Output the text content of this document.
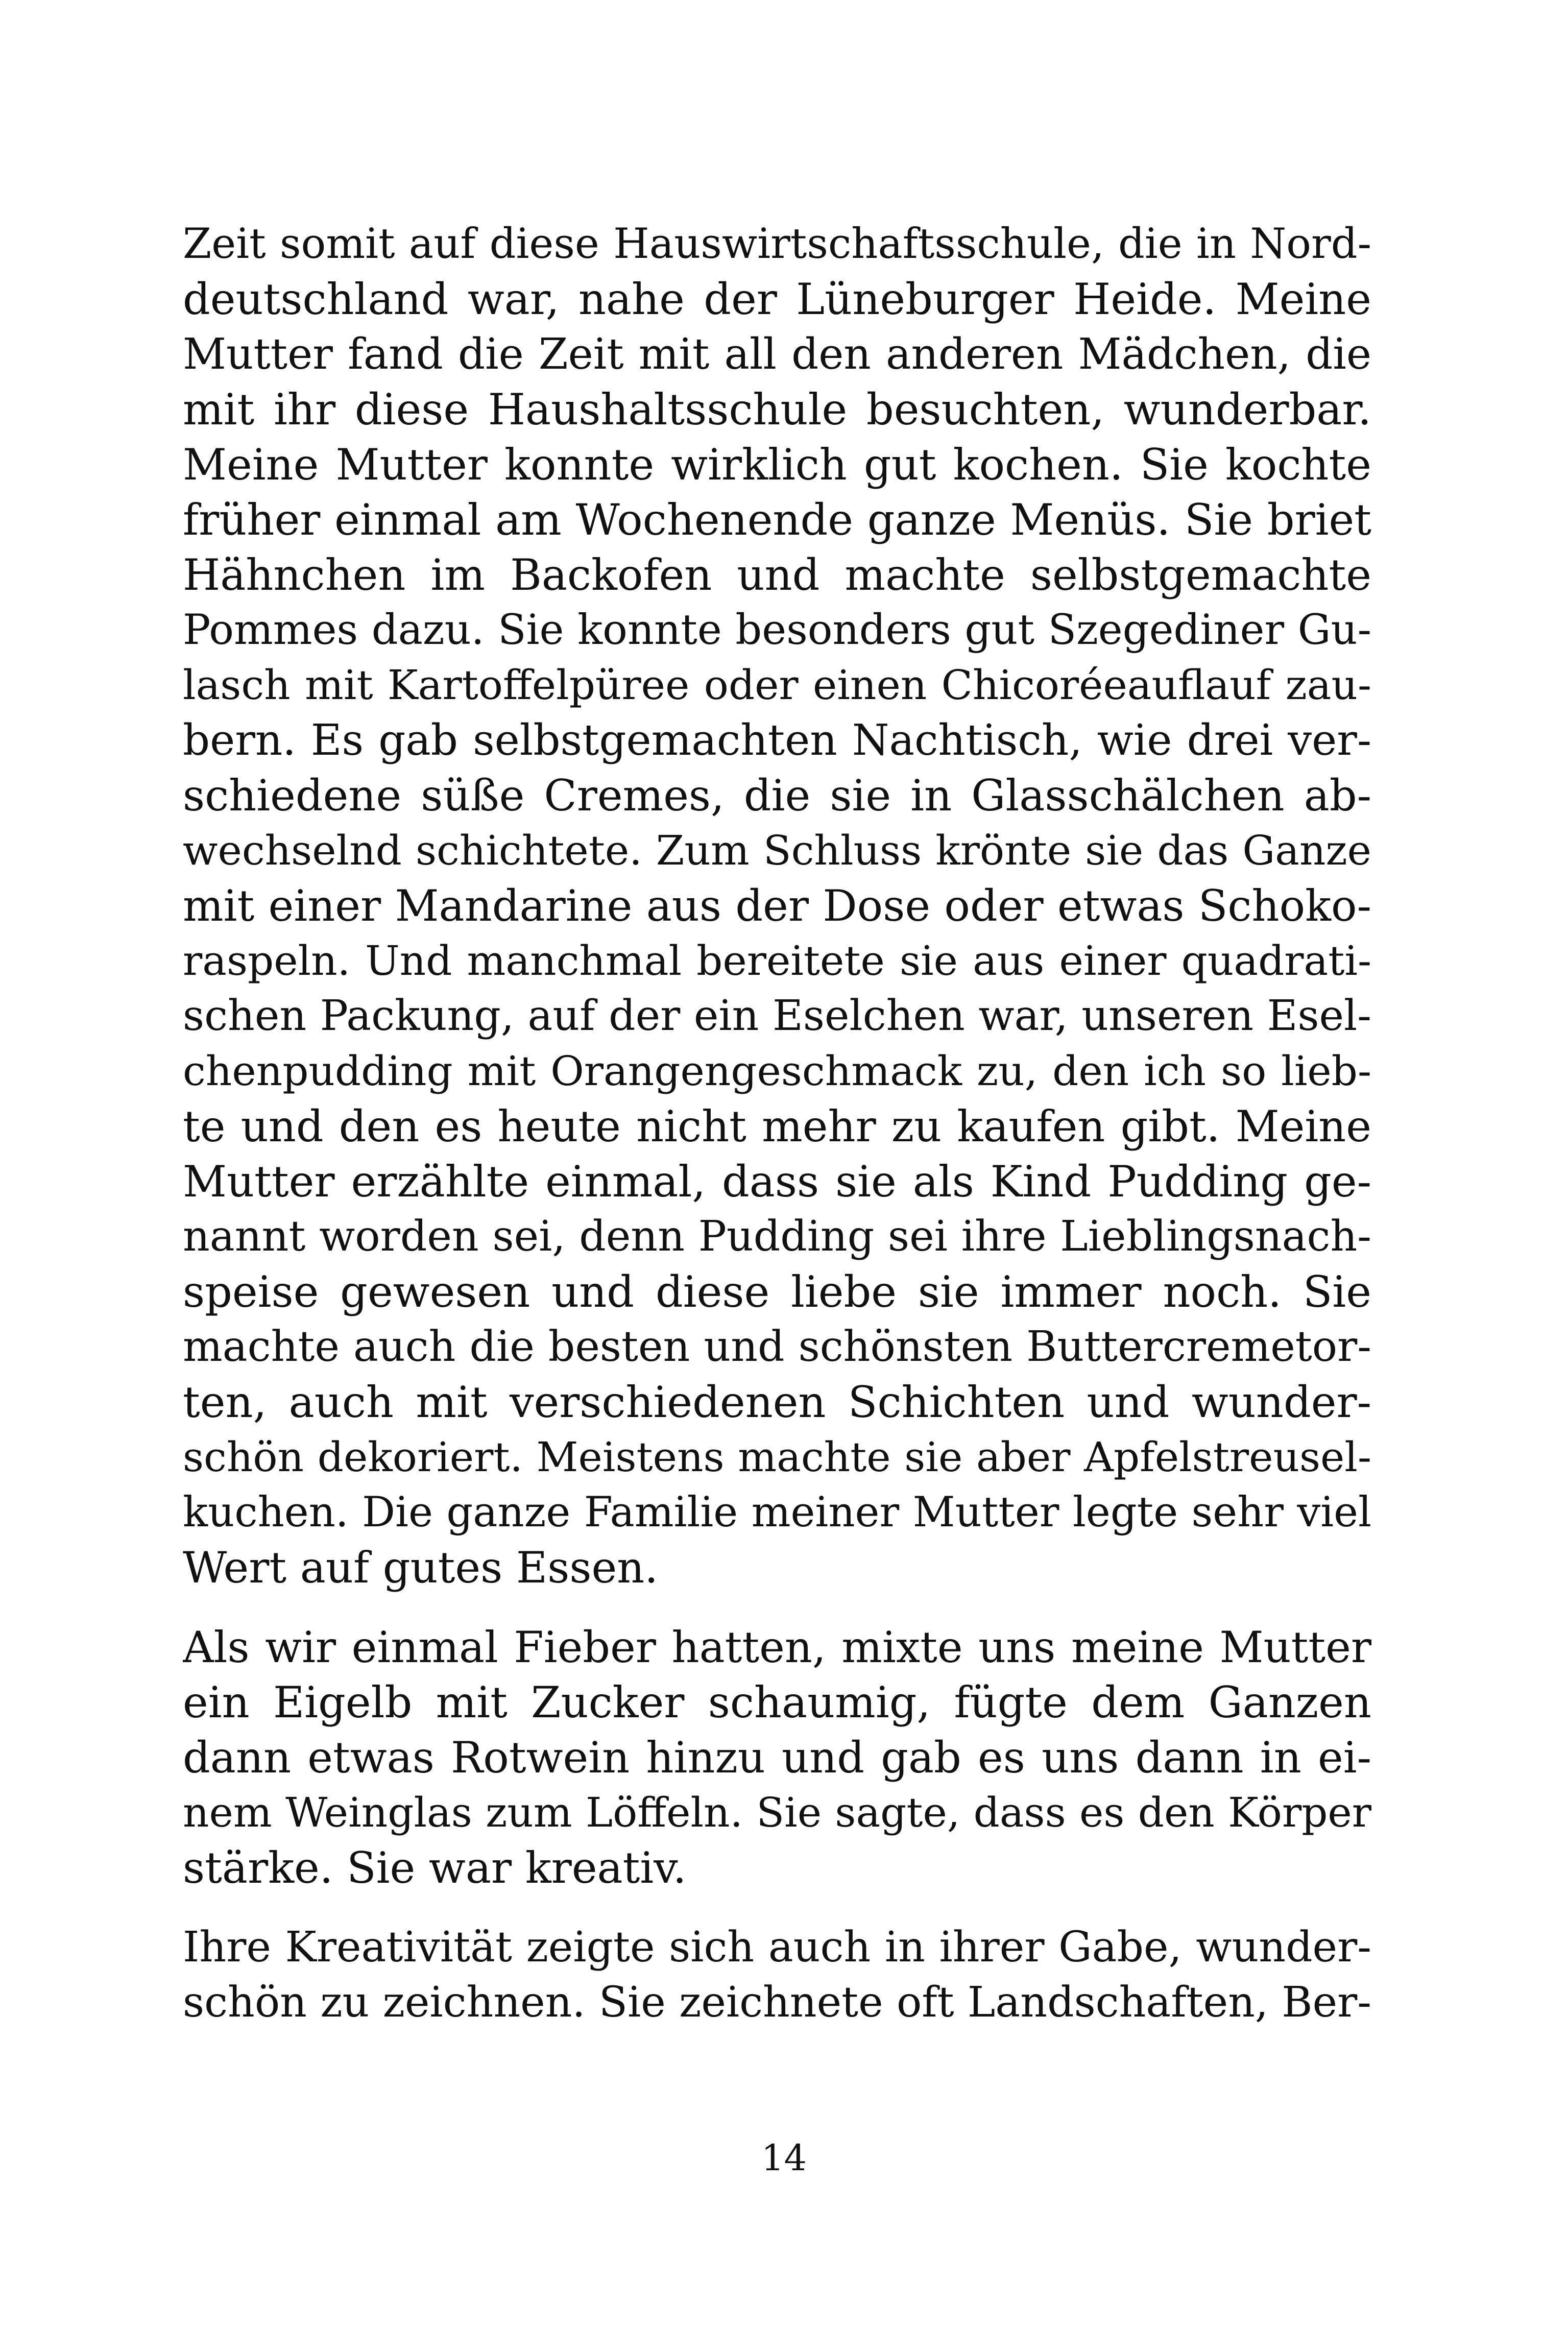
Zeit somit auf diese Hauswirtschaftsschule, die in Nord-
deutschland war, nahe der Lüneburger Heide. Meine
Mutter fand die Zeit mit all den anderen Mädchen, die
mit ihr diese Haushaltsschule besuchten, wunderbar.
Meine Mutter konnte wirklich gut kochen. Sie kochte
früher einmal am Wochenende ganze Menüs. Sie briet
Hähnchen im Backofen und machte selbstgemachte
Pommes dazu. Sie konnte besonders gut Szegediner Gu-
lasch mit Kartoffelpüree oder einen Chicoréeauflauf zau-
bern. Es gab selbstgemachten Nachtisch, wie drei ver-
schiedene süße Cremes, die sie in Glasschälchen ab-
wechselnd schichtete. Zum Schluss krönte sie das Ganze
mit einer Mandarine aus der Dose oder etwas Schoko-
raspeln. Und manchmal bereitete sie aus einer quadrati-
schen Packung, auf der ein Eselchen war, unseren Esel-
chenpudding mit Orangengeschmack zu, den ich so lieb-
te und den es heute nicht mehr zu kaufen gibt. Meine
Mutter erzählte einmal, dass sie als Kind Pudding ge-
nannt worden sei, denn Pudding sei ihre Lieblingsnach-
speise gewesen und diese liebe sie immer noch. Sie
machte auch die besten und schönsten Buttercremetor-
ten, auch mit verschiedenen Schichten und wunder-
schön dekoriert. Meistens machte sie aber Apfelstreusel-
kuchen. Die ganze Familie meiner Mutter legte sehr viel
Wert auf gutes Essen.

Als wir einmal Fieber hatten, mixte uns meine Mutter
ein Eigelb mit Zucker schaumig, fügte dem Ganzen
dann etwas Rotwein hinzu und gab es uns dann in ei-
nem Weinglas zum Löffeln. Sie sagte, dass es den Körper
stärke. Sie war kreativ.

Ihre Kreativität zeigte sich auch in ihrer Gabe, wunder-
schön zu zeichnen. Sie zeichnete oft Landschaften, Ber-

14
